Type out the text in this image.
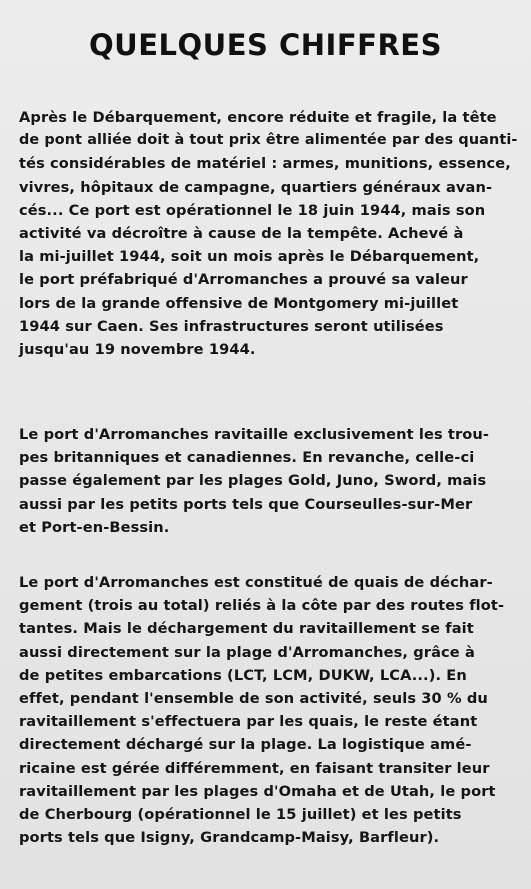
QUELQUES CHIFFRES
Après le Débarquement, encore réduite et fragile, la tête
de pont alliée doit à tout prix être alimentée par des quanti-
tés considérables de matériel : armes, munitions, essence,
vivres, hôpitaux de campagne, quartiers généraux avan-
cés... Ce port est opérationnel le 18 juin 1944, mais son
activité va décroître à cause de la tempête. Achevé à
la mi-juillet 1944, soit un mois après le Débarquement,
le port préfabriqué d'Arromanches a prouvé sa valeur
lors de la grande offensive de Montgomery mi-juillet
1944 sur Caen. Ses infrastructures seront utilisées
jusqu'au 19 novembre 1944.
Le port d'Arromanches ravitaille exclusivement les trou-
pes britanniques et canadiennes. En revanche, celle-ci
passe également par les plages Gold, Juno, Sword, mais
aussi par les petits ports tels que Courseulles-sur-Mer
et Port-en-Bessin.
Le port d'Arromanches est constitué de quais de déchar-
gement (trois au total) reliés à la côte par des routes flot-
tantes. Mais le déchargement du ravitaillement se fait
aussi directement sur la plage d'Arromanches, grâce à
de petites embarcations (LCT, LCM, DUKW, LCA...). En
effet, pendant l'ensemble de son activité, seuls 30 % du
ravitaillement s'effectuera par les quais, le reste étant
directement déchargé sur la plage. La logistique amé-
ricaine est gérée différemment, en faisant transiter leur
ravitaillement par les plages d'Omaha et de Utah, le port
de Cherbourg (opérationnel le 15 juillet) et les petits
ports tels que Isigny, Grandcamp-Maisy, Barfleur).
